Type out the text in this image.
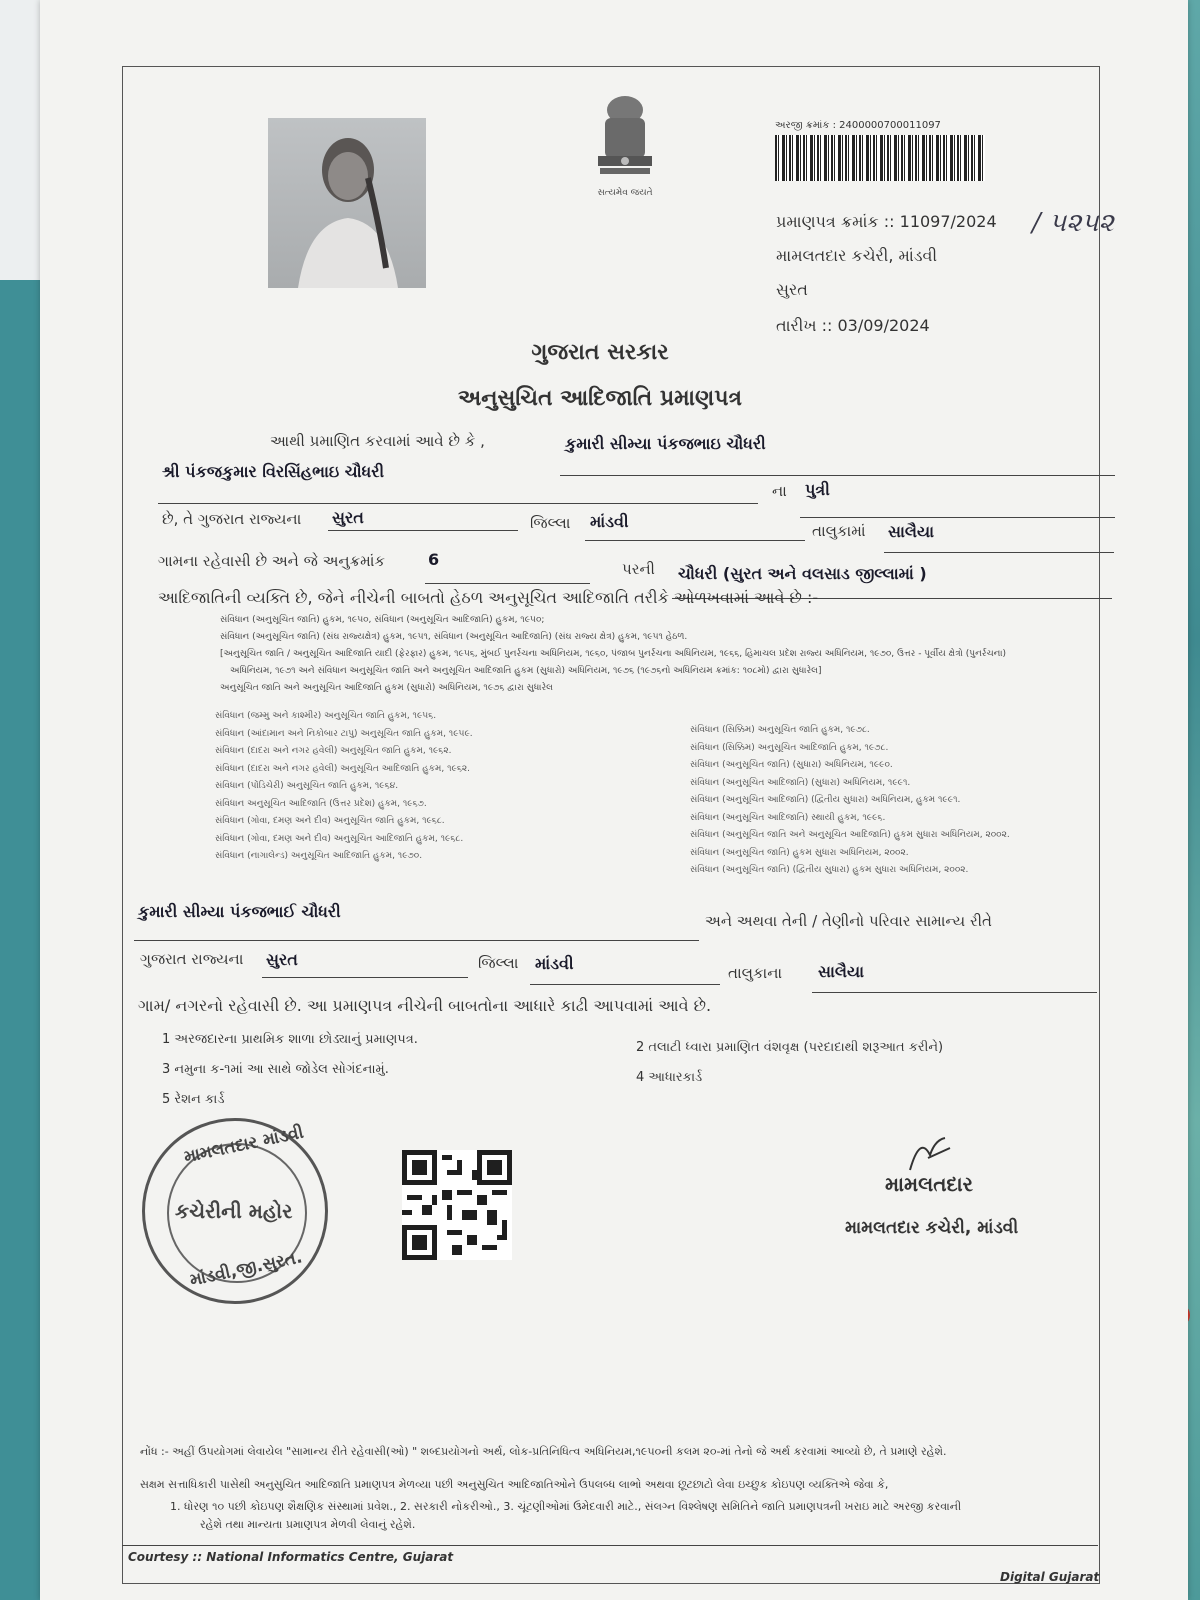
સત્યમેવ જયતે
અરજી ક્રમાંક : 2400000700011097
પ્રમાણપત્ર ક્રમાંક :: 11097/2024 / ૫૨૫૨
મામલતદાર કચેરી, માંડવી
સુરત
તારીખ :: 03/09/2024
ગુજરાત સરકાર
અનુસુચિત આદિજાતિ પ્રમાણપત્ર
આથી પ્રમાણિત કરવામાં આવે છે કે ,	કુમારી સીમ્યા પંકજભાઇ ચૌધરી
શ્રી પંકજકુમાર વિરસિંહભાઇ ચૌધરી
ના પુત્રી
છે, તે ગુજરાત રાજ્યના સુરત	જિલ્લા માંડવી	તાલુકામાં સાલૈયા
ગામના રહેવાસી છે અને જે અનુક્રમાંક	6	પરની ચૌધરી (સુરત અને વલસાડ જીલ્લામાં )
આદિજાતિની વ્યક્તિ છે, જેને નીચેની બાબતો હેઠળ અનુસૂચિત આદિજાતિ તરીકે ઓળખવામાં આવે છે :-
સંવિધાન (અનુસૂચિત જાતિ) હુકમ, ૧૯૫૦, સંવિધાન (અનુસૂચિત આદિજાતિ) હુકમ, ૧૯૫૦;
સંવિધાન (અનુસૂચિત જાતિ) (સંઘ રાજ્યક્ષેત્ર) હુકમ, ૧૯૫૧, સંવિધાન (અનુસૂચિત આદિજાતિ) (સંઘ રાજ્ય ક્ષેત્ર) હુકમ, ૧૯૫૧ હેઠળ.
[અનુસૂચિત જાતિ / અનુસૂચિત આદિજાતિ યાદી (ફેરફાર) હુકમ, ૧૯૫૬, મુંબઈ પુનર્રચના અધિનિયમ, ૧૯૬૦, પંજાબ પુનર્રચના અધિનિયમ, ૧૯૬૬, હિમાચલ પ્રદેશ રાજ્ય અધિનિયમ, ૧૯૭૦, ઉત્તર - પૂર્વીય ક્ષેત્રો (પુનર્રચના)
અધિનિયમ, ૧૯૭૧ અને સંવિધાન અનુસૂચિત જાતિ અને અનુસૂચિત આદિજાતિ હુકમ (સુધારો) અધિનિયમ, ૧૯૭૬ (૧૯૭૬નો અધિનિયમ ક્રમાંક: ૧૦૮મો) દ્વારા સુધારેલ]
અનુસૂચિત જાતિ અને અનુસૂચિત આદિજાતિ હુકમ (સુધારો) અધિનિયમ, ૧૯૭૬ દ્વારા સુધારેલ
સંવિધાન (જમ્મુ અને કાશ્મીર) અનુસૂચિત જાતિ હુકમ, ૧૯૫૬.
સંવિધાન (આંદામાન અને નિકોબાર ટાપુ) અનુસૂચિત જાતિ હુકમ, ૧૯૫૯.
સંવિધાન (દાદરા અને નગર હવેલી) અનુસૂચિત જાતિ હુકમ, ૧૯૬૨.
સંવિધાન (દાદરા અને નગર હવેલી) અનુસૂચિત આદિજાતિ હુકમ, ૧૯૬૨.
સંવિધાન (પોંડિચેરી) અનુસૂચિત જાતિ હુકમ, ૧૯૬૪.
સંવિધાન અનુસૂચિત આદિજાતિ (ઉત્તર પ્રદેશ) હુકમ, ૧૯૬૭.
સંવિધાન (ગોવા, દમણ અને દીવ) અનુસૂચિત જાતિ હુકમ, ૧૯૬૮.
સંવિધાન (ગોવા, દમણ અને દીવ) અનુસૂચિત આદિજાતિ હુકમ, ૧૯૬૮.
સંવિધાન (નાગાલેન્ડ) અનુસૂચિત આદિજાતિ હુકમ, ૧૯૭૦.
સંવિધાન (સિક્કિમ) અનુસૂચિત જાતિ હુકમ, ૧૯૭૮.
સંવિધાન (સિક્કિમ) અનુસૂચિત આદિજાતિ હુકમ, ૧૯૭૮.
સંવિધાન (અનુસૂચિત જાતિ) (સુધારા) અધિનિયમ, ૧૯૯૦.
સંવિધાન (અનુસૂચિત આદિજાતિ) (સુધારા) અધિનિયમ, ૧૯૯૧.
સંવિધાન (અનુસૂચિત આદિજાતિ) (દ્વિતીય સુધારા) અધિનિયમ, હુકમ ૧૯૯૧.
સંવિધાન (અનુસૂચિત આદિજાતિ) સ્થાયી હુકમ, ૧૯૯૬.
સંવિધાન (અનુસૂચિત જાતિ અને અનુસૂચિત આદિજાતિ) હુકમ સુધારા અધિનિયમ, ૨૦૦૨.
સંવિધાન (અનુસૂચિત જાતિ) હુકમ સુધારા અધિનિયમ, ૨૦૦૨.
સંવિધાન (અનુસૂચિત જાતિ) (દ્વિતીય સુધારા) હુકમ સુધારા અધિનિયમ, ૨૦૦૨.
કુમારી સીમ્યા પંકજભાઈ ચૌધરી	અને અથવા તેની / તેણીનો પરિવાર સામાન્ય રીતે
ગુજરાત રાજ્યના સુરત	જિલ્લા માંડવી	તાલુકાના સાલૈયા
ગામ/ નગરનો રહેવાસી છે. આ પ્રમાણપત્ર નીચેની બાબતોના આધારે કાઢી આપવામાં આવે છે.
1 અરજદારના પ્રાથમિક શાળા છોડ્યાનું પ્રમાણપત્ર.
2 તલાટી ધ્વારા પ્રમાણિત વંશવૃક્ષ (પરદાદાથી શરૂઆત કરીને)
3 નમુના ક-૧માં આ સાથે જોડેલ સોગંદનામું.
4 આધારકાર્ડ
5 રેશન કાર્ડ
મામલતદાર માંડવી
કચેરીની મહોર
માંડવી,જી.સુરત.
મામલતદાર
મામલતદાર કચેરી, માંડવી
નોંધ :- અહીં ઉપયોગમાં લેવાયેલ "સામાન્ય રીતે રહેવાસી(ઓ) " શબ્દપ્રયોગનો અર્થ, લોક-પ્રતિનિધિત્વ અધિનિયમ,૧૯૫૦ની કલમ ૨૦-માં તેનો જે અર્થ કરવામાં આવ્યો છે, તે પ્રમાણે રહેશે.
સક્ષમ સત્તાધિકારી પાસેથી અનુસુચિત આદિજાતિ પ્રમાણપત્ર મેળવ્યા પછી અનુસુચિત આદિજાતિઓને ઉપલબ્ધ લાભો અથવા છૂટછાટો લેવા ઇચ્છુક કોઇપણ વ્યક્તિએ જેવા કે,
1. ધોરણ ૧૦ પછી કોઇપણ શૈક્ષણિક સંસ્થામાં પ્રવેશ., 2. સરકારી નોકરીઓ., 3. ચૂંટણીઓમાં ઉમેદવારી માટે., સંલગ્ન વિશ્લેષણ સમિતિને જાતિ પ્રમાણપત્રની ખરાઇ માટે અરજી કરવાની
રહેશે તથા માન્યતા પ્રમાણપત્ર મેળવી લેવાનું રહેશે.
Courtesy :: National Informatics Centre, Gujarat
Digital Gujarat
